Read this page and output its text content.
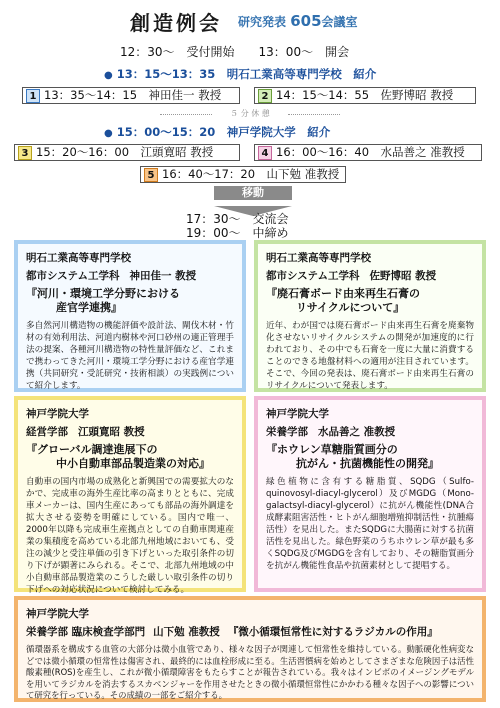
創造例会 研究発表 605会議室
12：30～　受付開始　　13：00～　開会
● 13：15～13：35　明石工業高等専門学校　紹介
1 13：35～14：15　神田佳一 教授	2 14：15～14：55　佐野博昭 教授
５ 分 休 憩
● 15：00～15：20　神戸学院大学　紹介
3 15：20～16：00　江頭寛昭 教授	4 16：00～16：40　水品善之 准教授
5 16：40～17：20　山下勉 准教授
移動
17：30～　交流会
19：00～　中締め
明石工業高等専門学校
都市システム工学科 神田佳一 教授
『河川・環境工学分野における
産官学連携』
多自然河川構造物の機能評価や設計法、閘伐木材・竹材の有効利用法、河道内樹林や河口砂州の適正管理手法の提案、各種河川構造物の特性量評価など、これまで携わってきた河川・環境工学分野における産官学連携（共同研究・受託研究・技術相談）の実践例について紹介します。
明石工業高等専門学校
都市システム工学科 佐野博昭 教授
『廃石膏ボード由来再生石膏の
リサイクルについて』
近年、わが国では廃石膏ボード由来再生石膏を廃棄物化させないリサイクルシステムの開発が加速度的に行われており、その中でも石膏を一度に大量に消費することのできる地盤材料への適用が注目されています。そこで、今回の発表は、廃石膏ボード由来再生石膏のリサイクルについて発表します。
神戸学院大学
経営学部 江頭寛昭 教授
『グローバル調達進展下の
中小自動車部品製造業の対応』
自動車の国内市場の成熟化と新興国での需要拡大のなかで、完成車の海外生産比率の高まりとともに、完成車メーカーは、国内生産にあっても部品の海外調達を拡大させる姿勢を明確にしている。国内で唯一、2000年以降も完成車生産拠点としての自動車関連産業の集積度を高めている北部九州地域においても、受注の減少と受注単価の引き下げといった取引条件の切り下げが顕著にみられる。そこで、北部九州地域の中小自動車部品製造業のこうした厳しい取引条件の切り下げへの対応状況について検討してみる。
神戸学院大学
栄養学部 水品善之 准教授
『ホウレン草糖脂質画分の
抗がん・抗菌機能性の開発』
緑色植物に含有する糖脂質、SQDG（Sulfo-quinovosyl-diacyl-glycerol）及びMGDG（Mono-galactsyl-diacyl-glycerol）に抗がん機能性(DNA合成酵素阻害活性・ヒトがん細胞増殖抑制活性・抗腫瘍活性）を見出した。またSQDGに大腸菌に対する抗菌活性を見出した。緑色野菜のうちホウレン草が最も多くSQDG及びMGDGを含有しており、その糖脂質画分を抗がん機能性食品や抗菌素材として提唱する。
神戸学院大学
栄養学部 臨床検査学部門 山下勉 准教授 『微小循環恒常性に対するラジカルの作用』
循環器系を構成する血管の大部分は微小血管であり、様々な因子が関連して恒常性を維持している。動脈硬化性病変などでは微小循環の恒常性は傷害され、最終的には血栓形成に至る。生活習慣病を始めとしてさまざまな危険因子は活性酸素種(ROS)を産生し、これが微小循環障害をもたらすことが報告されている。我々はインビボのイメージングモデルを用いてラジカルを消去するスカベンジャーを作用させたときの微小循環恒常性にかかわる種々な因子への影響について研究を行っている。その成績の一部をご紹介する。
